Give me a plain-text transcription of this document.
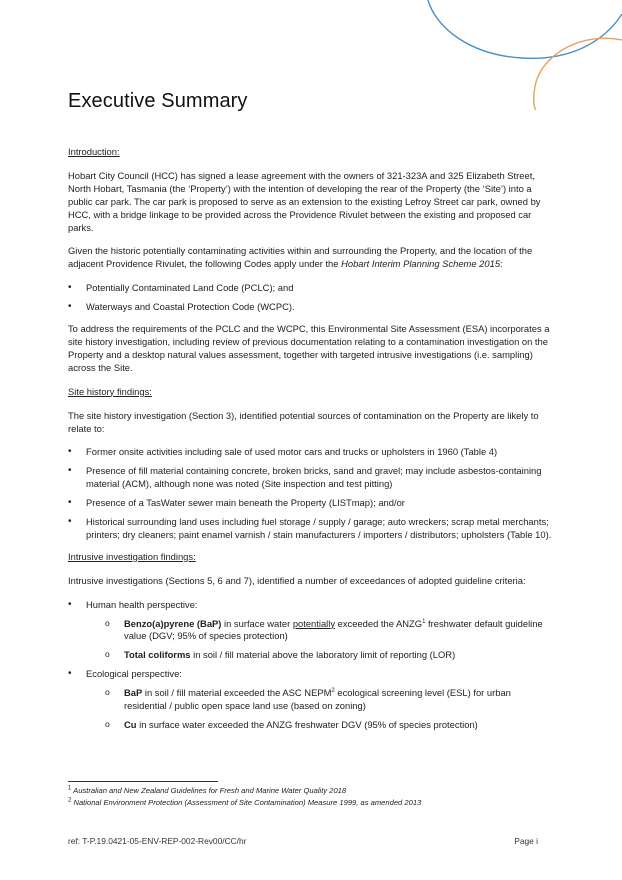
Executive Summary
Introduction:

Hobart City Council (HCC) has signed a lease agreement with the owners of 321-323A and 325 Elizabeth Street, North Hobart, Tasmania (the ‘Property’) with the intention of developing the rear of the Property (the ‘Site’) into a public car park. The car park is proposed to serve as an extension to the existing Lefroy Street car park, owned by HCC, with a bridge linkage to be provided across the Providence Rivulet between the existing and proposed car parks.

Given the historic potentially contaminating activities within and surrounding the Property, and the location of the adjacent Providence Rivulet, the following Codes apply under the Hobart Interim Planning Scheme 2015:

• Potentially Contaminated Land Code (PCLC); and
• Waterways and Coastal Protection Code (WCPC).

To address the requirements of the PCLC and the WCPC, this Environmental Site Assessment (ESA) incorporates a site history investigation, including review of previous documentation relating to a contamination investigation on the Property and a desktop natural values assessment, together with targeted intrusive investigations (i.e. sampling) across the Site.

Site history findings:

The site history investigation (Section 3), identified potential sources of contamination on the Property are likely to relate to:

• Former onsite activities including sale of used motor cars and trucks or upholsters in 1960 (Table 4)
• Presence of fill material containing concrete, broken bricks, sand and gravel; may include asbestos-containing material (ACM), although none was noted (Site inspection and test pitting)
• Presence of a TasWater sewer main beneath the Property (LISTmap); and/or
• Historical surrounding land uses including fuel storage / supply / garage; auto wreckers; scrap metal merchants; printers; dry cleaners; paint enamel varnish / stain manufacturers / importers / distributors; upholsters (Table 10).
Intrusive investigation findings:

Intrusive investigations (Sections 5, 6 and 7), identified a number of exceedances of adopted guideline criteria:

• Human health perspective:
o Benzo(a)pyrene (BaP) in surface water potentially exceeded the ANZG$^1$ freshwater default guideline value (DGV; 95% of species protection)
o Total coliforms in soil / fill material above the laboratory limit of reporting (LOR)
• Ecological perspective:
o BaP in soil / fill material exceeded the ASC NEPM$^2$ ecological screening level (ESL) for urban residential / public open space land use (based on zoning)
o Cu in surface water exceeded the ANZG freshwater DGV (95% of species protection)
$^1$ Australian and New Zealand Guidelines for Fresh and Marine Water Quality 2018
$^2$ National Environment Protection (Assessment of Site Contamination) Measure 1999, as amended 2013
ref: T-P.19.0421-05-ENV-REP-002-Rev00/CC/hr	Page i
